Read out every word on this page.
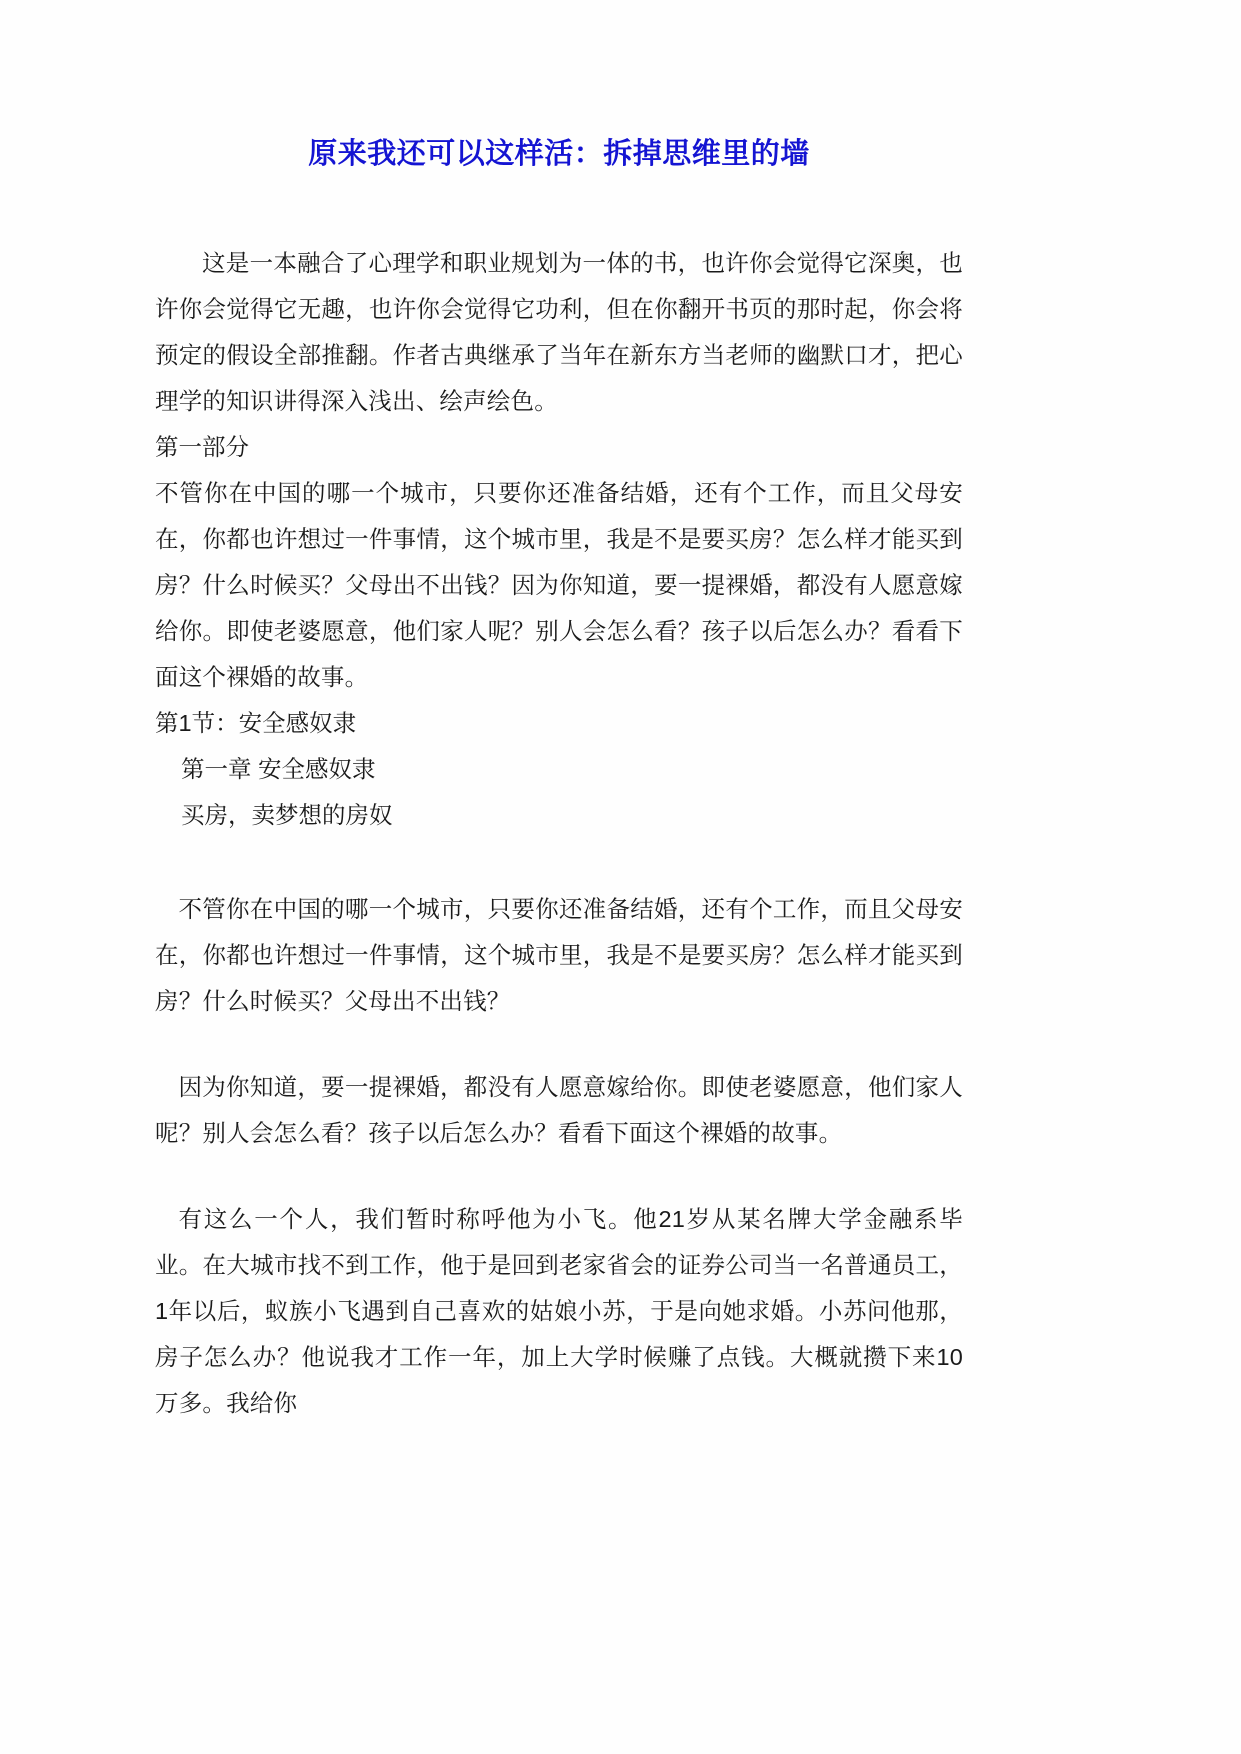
原来我还可以这样活：拆掉思维里的墙

这是一本融合了心理学和职业规划为一体的书，也许你会觉得它深奥，也许你会觉得它无趣，也许你会觉得它功利，但在你翻开书页的那时起，你会将预定的假设全部推翻。作者古典继承了当年在新东方当老师的幽默口才，把心理学的知识讲得深入浅出、绘声绘色。

第一部分

不管你在中国的哪一个城市，只要你还准备结婚，还有个工作，而且父母安在，你都也许想过一件事情，这个城市里，我是不是要买房？怎么样才能买到房？什么时候买？父母出不出钱？因为你知道，要一提裸婚，都没有人愿意嫁给你。即使老婆愿意，他们家人呢？别人会怎么看？孩子以后怎么办？看看下面这个裸婚的故事。

第1节：安全感奴隶

第一章 安全感奴隶

买房，卖梦想的房奴

不管你在中国的哪一个城市，只要你还准备结婚，还有个工作，而且父母安在，你都也许想过一件事情，这个城市里，我是不是要买房？怎么样才能买到房？什么时候买？父母出不出钱？

因为你知道，要一提裸婚，都没有人愿意嫁给你。即使老婆愿意，他们家人呢？别人会怎么看？孩子以后怎么办？看看下面这个裸婚的故事。

有这么一个人，我们暂时称呼他为小飞。他21岁从某名牌大学金融系毕业。在大城市找不到工作，他于是回到老家省会的证券公司当一名普通员工，1年以后，蚁族小飞遇到自己喜欢的姑娘小苏，于是向她求婚。小苏问他那，房子怎么办？他说我才工作一年，加上大学时候赚了点钱。大概就攒下来10万多。我给你
